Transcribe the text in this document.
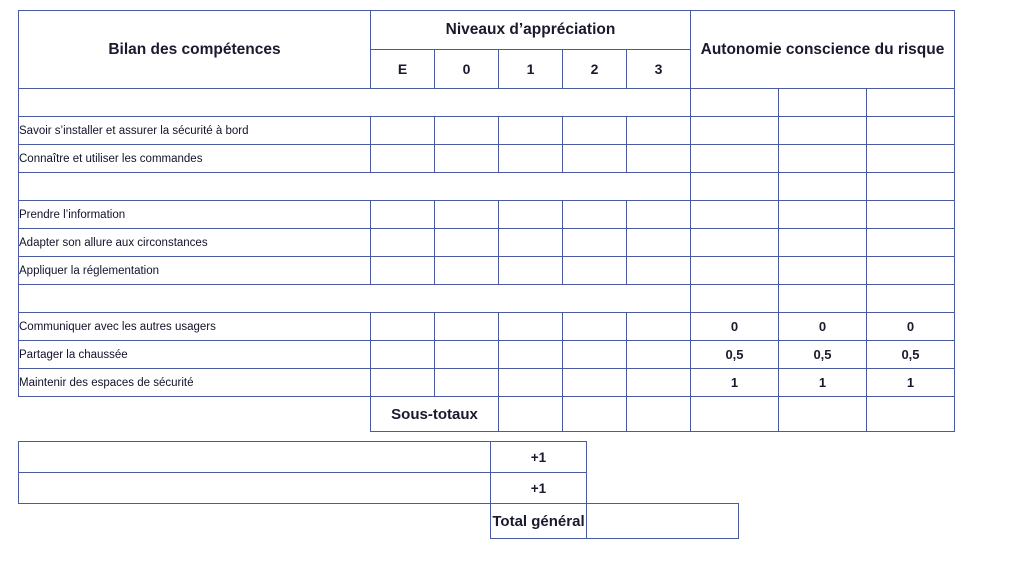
Bilan des compétences	Niveaux d’appréciation					Autonomie conscience du risque		
	E	0	1	2	3			
Connaître et maîtriser son véhicule								
Savoir s’installer et assurer la sécurité à bord								
Connaître et utiliser les commandes								
Appréhender la route								
Prendre l’information								
Adapter son allure aux circonstances								
Appliquer la réglementation								
Partager la route avec les autres usagers								
Communiquer avec les autres usagers						0	0	0
Partager la chaussée						0,5	0,5	0,5
Maintenir des espaces de sécurité						1	1	1
	Sous-totaux							
Conduite économique et respectueuse de l’environnement	+1	
Courtoisie au volant	+1	
	Total général	
